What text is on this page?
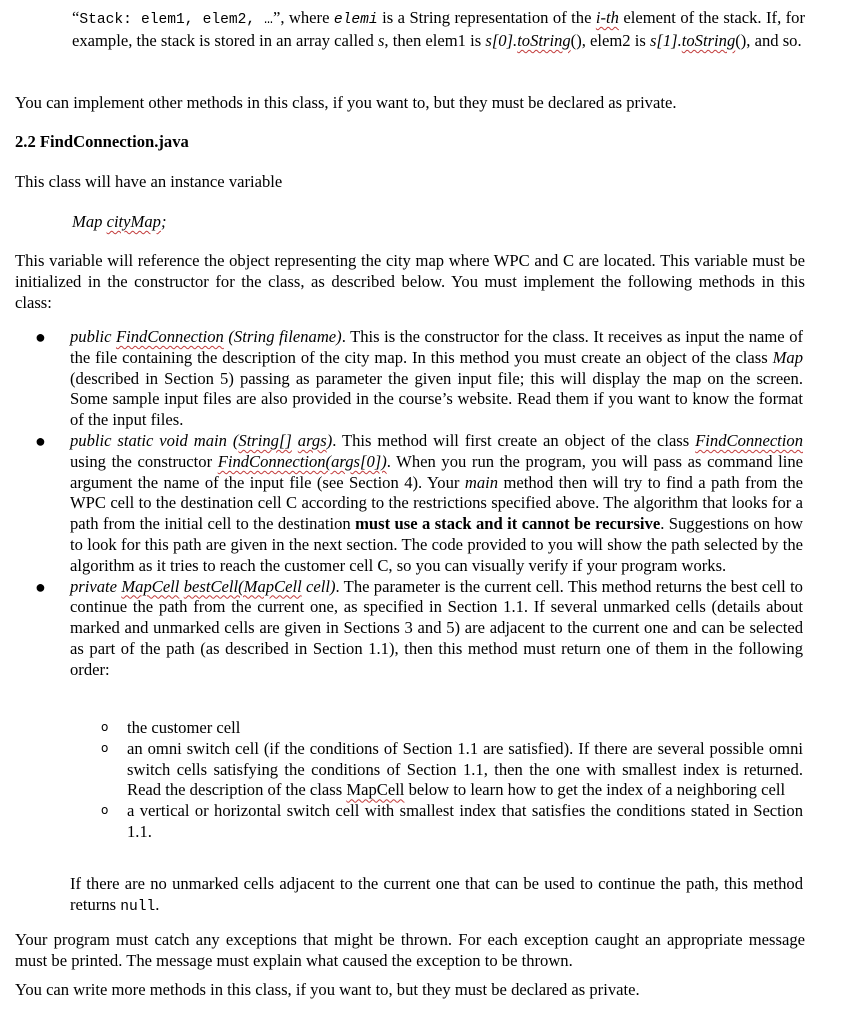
“Stack: elem1, elem2, …”, where elemi is a String representation of the i-th element of the stack. If, for example, the stack is stored in an array called s, then elem1 is s[0].toString(), elem2 is s[1].toString(), and so.

You can implement other methods in this class, if you want to, but they must be declared as private.

2.2 FindConnection.java

This class will have an instance variable

Map cityMap;

This variable will reference the object representing the city map where WPC and C are located. This variable must be initialized in the constructor for the class, as described below. You must implement the following methods in this class:

● public FindConnection (String filename). This is the constructor for the class. It receives as input the name of the file containing the description of the city map. In this method you must create an object of the class Map (described in Section 5) passing as parameter the given input file; this will display the map on the screen. Some sample input files are also provided in the course’s website. Read them if you want to know the format of the input files.
● public static void main (String[] args). This method will first create an object of the class FindConnection using the constructor FindConnection(args[0]). When you run the program, you will pass as command line argument the name of the input file (see Section 4). Your main method then will try to find a path from the WPC cell to the destination cell C according to the restrictions specified above. The algorithm that looks for a path from the initial cell to the destination must use a stack and it cannot be recursive. Suggestions on how to look for this path are given in the next section. The code provided to you will show the path selected by the algorithm as it tries to reach the customer cell C, so you can visually verify if your program works.
● private MapCell bestCell(MapCell cell). The parameter is the current cell. This method returns the best cell to continue the path from the current one, as specified in Section 1.1. If several unmarked cells (details about marked and unmarked cells are given in Sections 3 and 5) are adjacent to the current one and can be selected as part of the path (as described in Section 1.1), then this method must return one of them in the following order:
o the customer cell
o an omni switch cell (if the conditions of Section 1.1 are satisfied). If there are several possible omni switch cells satisfying the conditions of Section 1.1, then the one with smallest index is returned. Read the description of the class MapCell below to learn how to get the index of a neighboring cell
o a vertical or horizontal switch cell with smallest index that satisfies the conditions stated in Section 1.1.

If there are no unmarked cells adjacent to the current one that can be used to continue the path, this method returns null.

Your program must catch any exceptions that might be thrown. For each exception caught an appropriate message must be printed. The message must explain what caused the exception to be thrown.

You can write more methods in this class, if you want to, but they must be declared as private.
